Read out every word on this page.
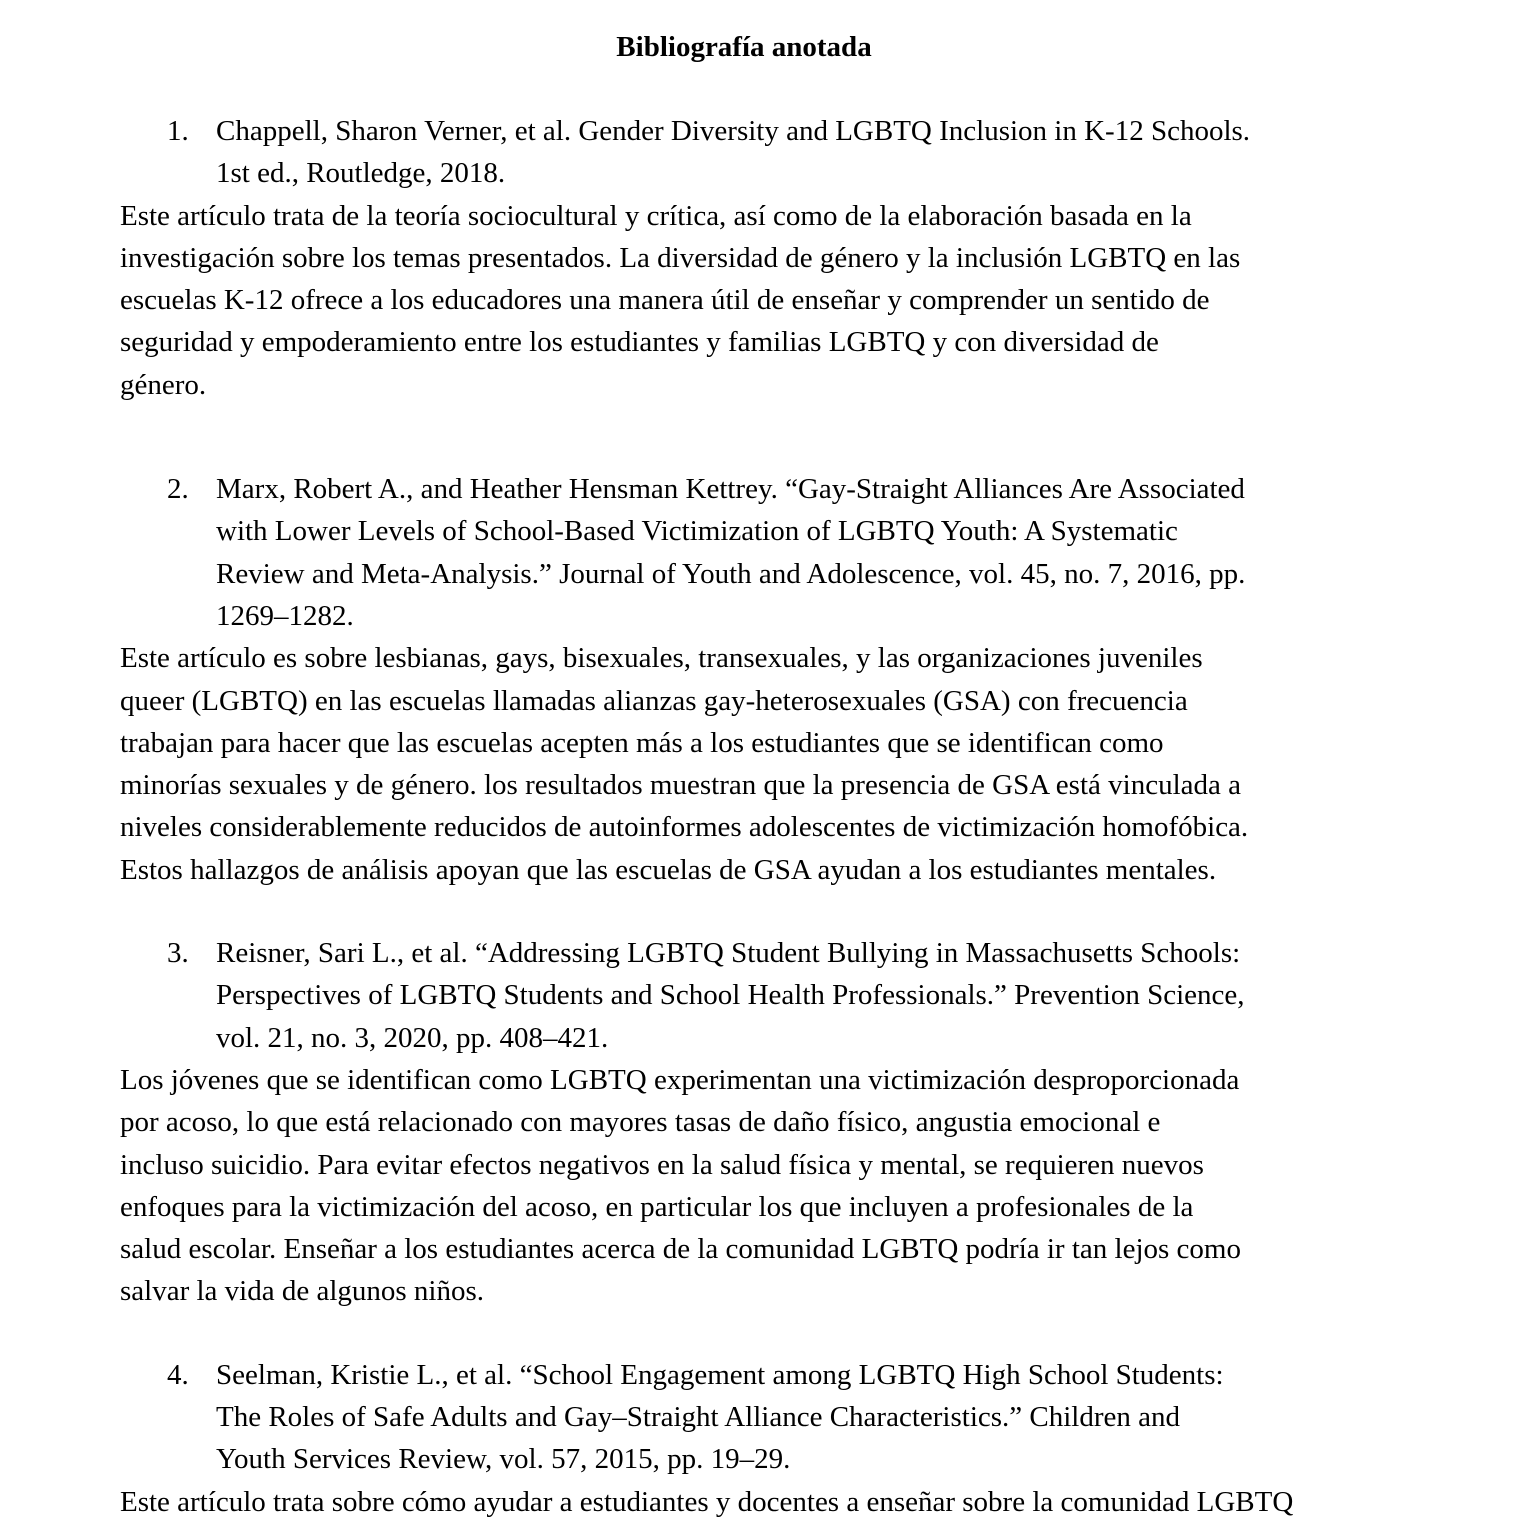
Bibliografía anotada
1. Chappell, Sharon Verner, et al. Gender Diversity and LGBTQ Inclusion in K-12 Schools.
1st ed., Routledge, 2018.
Este artículo trata de la teoría sociocultural y crítica, así como de la elaboración basada en la
investigación sobre los temas presentados. La diversidad de género y la inclusión LGBTQ en las
escuelas K-12 ofrece a los educadores una manera útil de enseñar y comprender un sentido de
seguridad y empoderamiento entre los estudiantes y familias LGBTQ y con diversidad de
género.
2. Marx, Robert A., and Heather Hensman Kettrey. “Gay-Straight Alliances Are Associated
with Lower Levels of School-Based Victimization of LGBTQ Youth: A Systematic
Review and Meta-Analysis.” Journal of Youth and Adolescence, vol. 45, no. 7, 2016, pp.
1269–1282.
Este artículo es sobre lesbianas, gays, bisexuales, transexuales, y las organizaciones juveniles
queer (LGBTQ) en las escuelas llamadas alianzas gay-heterosexuales (GSA) con frecuencia
trabajan para hacer que las escuelas acepten más a los estudiantes que se identifican como
minorías sexuales y de género. los resultados muestran que la presencia de GSA está vinculada a
niveles considerablemente reducidos de autoinformes adolescentes de victimización homofóbica.
Estos hallazgos de análisis apoyan que las escuelas de GSA ayudan a los estudiantes mentales.
3. Reisner, Sari L., et al. “Addressing LGBTQ Student Bullying in Massachusetts Schools:
Perspectives of LGBTQ Students and School Health Professionals.” Prevention Science,
vol. 21, no. 3, 2020, pp. 408–421.
Los jóvenes que se identifican como LGBTQ experimentan una victimización desproporcionada
por acoso, lo que está relacionado con mayores tasas de daño físico, angustia emocional e
incluso suicidio. Para evitar efectos negativos en la salud física y mental, se requieren nuevos
enfoques para la victimización del acoso, en particular los que incluyen a profesionales de la
salud escolar. Enseñar a los estudiantes acerca de la comunidad LGBTQ podría ir tan lejos como
salvar la vida de algunos niños.
4. Seelman, Kristie L., et al. “School Engagement among LGBTQ High School Students:
The Roles of Safe Adults and Gay–Straight Alliance Characteristics.” Children and
Youth Services Review, vol. 57, 2015, pp. 19–29.
Este artículo trata sobre cómo ayudar a estudiantes y docentes a enseñar sobre la comunidad LGBTQ
